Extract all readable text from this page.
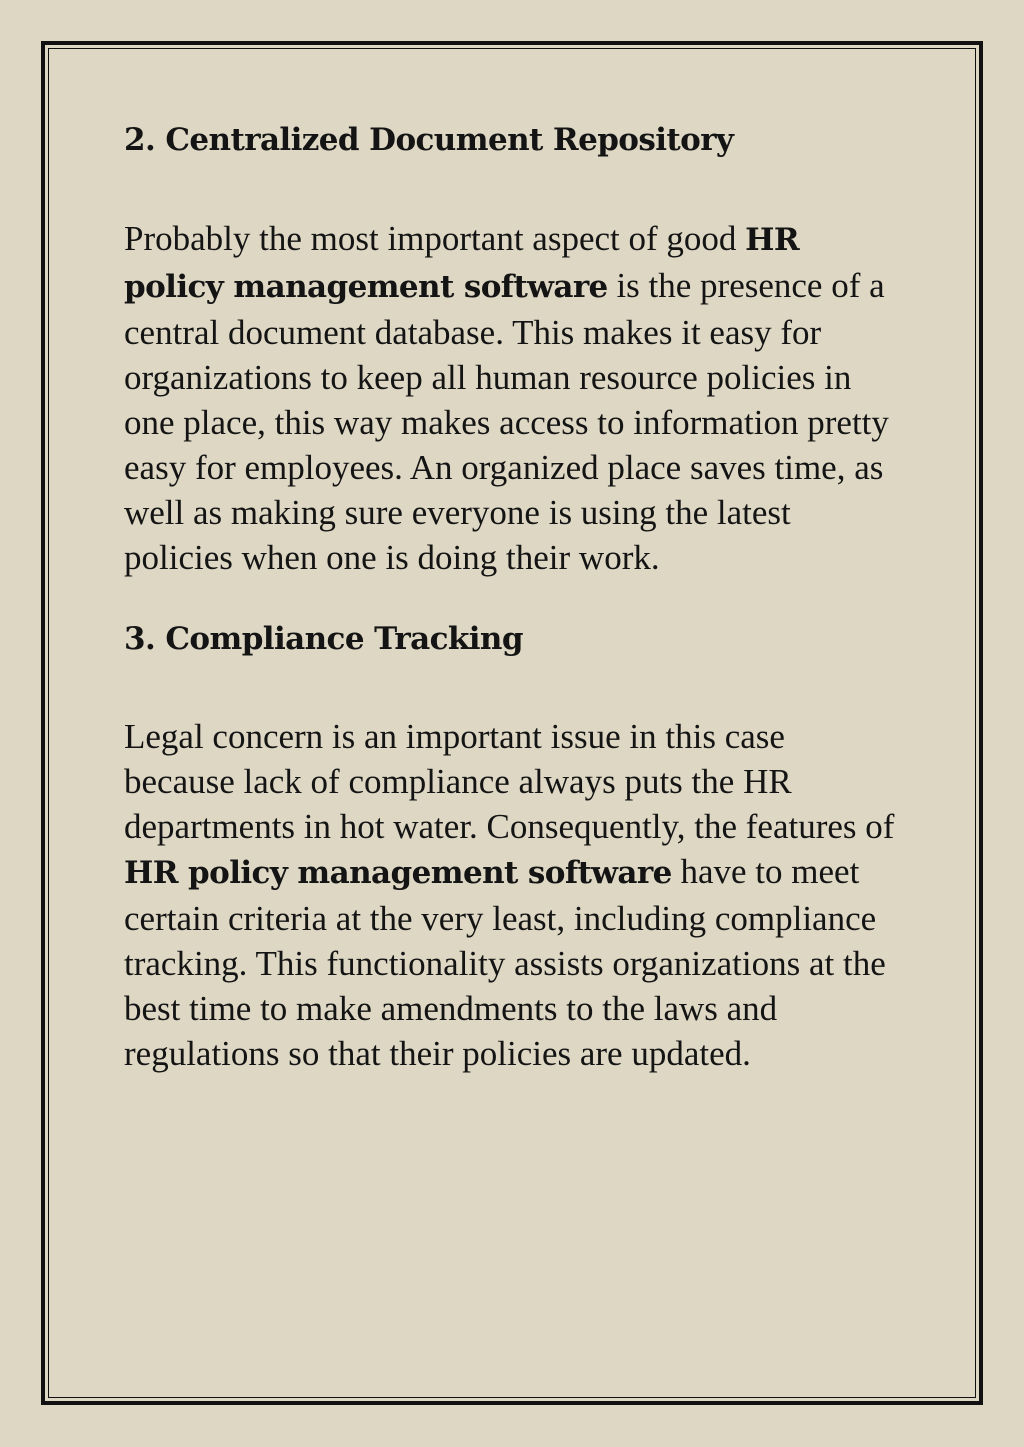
2. Centralized Document Repository

Probably the most important aspect of good HR policy management software is the presence of a central document database. This makes it easy for organizations to keep all human resource policies in one place, this way makes access to information pretty easy for employees. An organized place saves time, as well as making sure everyone is using the latest policies when one is doing their work.

3. Compliance Tracking

Legal concern is an important issue in this case because lack of compliance always puts the HR departments in hot water. Consequently, the features of HR policy management software have to meet certain criteria at the very least, including compliance tracking. This functionality assists organizations at the best time to make amendments to the laws and regulations so that their policies are updated.
